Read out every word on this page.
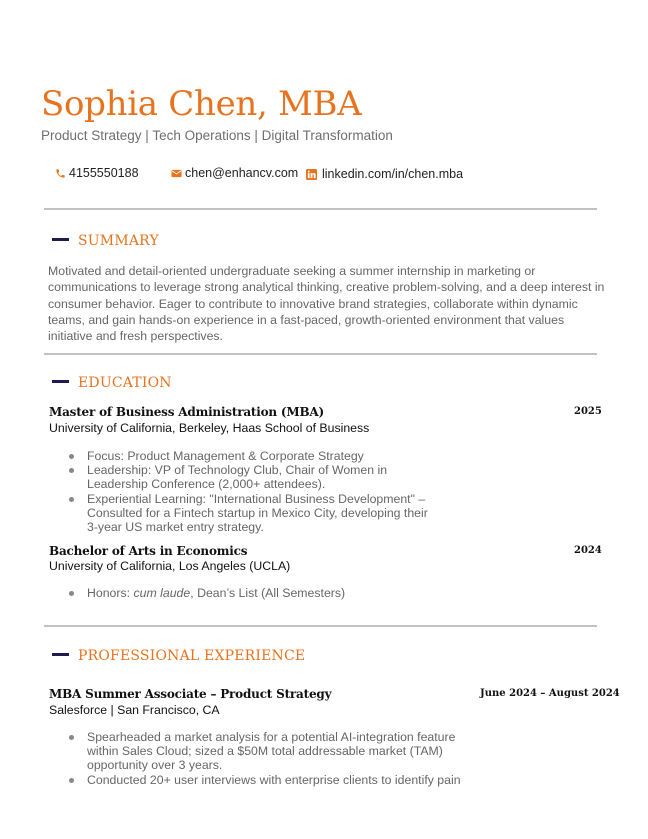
Sophia Chen, MBA
Product Strategy | Tech Operations | Digital Transformation
4155550188	chen@enhancv.com linkedin.com/in/chen.mba
SUMMARY

Motivated and detail-oriented undergraduate seeking a summer internship in marketing or communications to leverage strong analytical thinking, creative problem-solving, and a deep interest in consumer behavior. Eager to contribute to innovative brand strategies, collaborate within dynamic teams, and gain hands-on experience in a fast-paced, growth-oriented environment that values initiative and fresh perspectives.

EDUCATION
Master of Business Administration (MBA)	2025
University of California, Berkeley, Haas School of Business
Focus: Product Management & Corporate Strategy
Leadership: VP of Technology Club, Chair of Women in Leadership Conference (2,000+ attendees).
Experiential Learning: "International Business Development" – Consulted for a Fintech startup in Mexico City, developing their 3-year US market entry strategy.
Bachelor of Arts in Economics	2024
University of California, Los Angeles (UCLA)
Honors: cum laude, Dean’s List (All Semesters)
PROFESSIONAL EXPERIENCE
MBA Summer Associate – Product Strategy	June 2024 – August 2024
Salesforce | San Francisco, CA
Spearheaded a market analysis for a potential AI-integration feature within Sales Cloud; sized a $50M total addressable market (TAM) opportunity over 3 years.
Conducted 20+ user interviews with enterprise clients to identify pain
